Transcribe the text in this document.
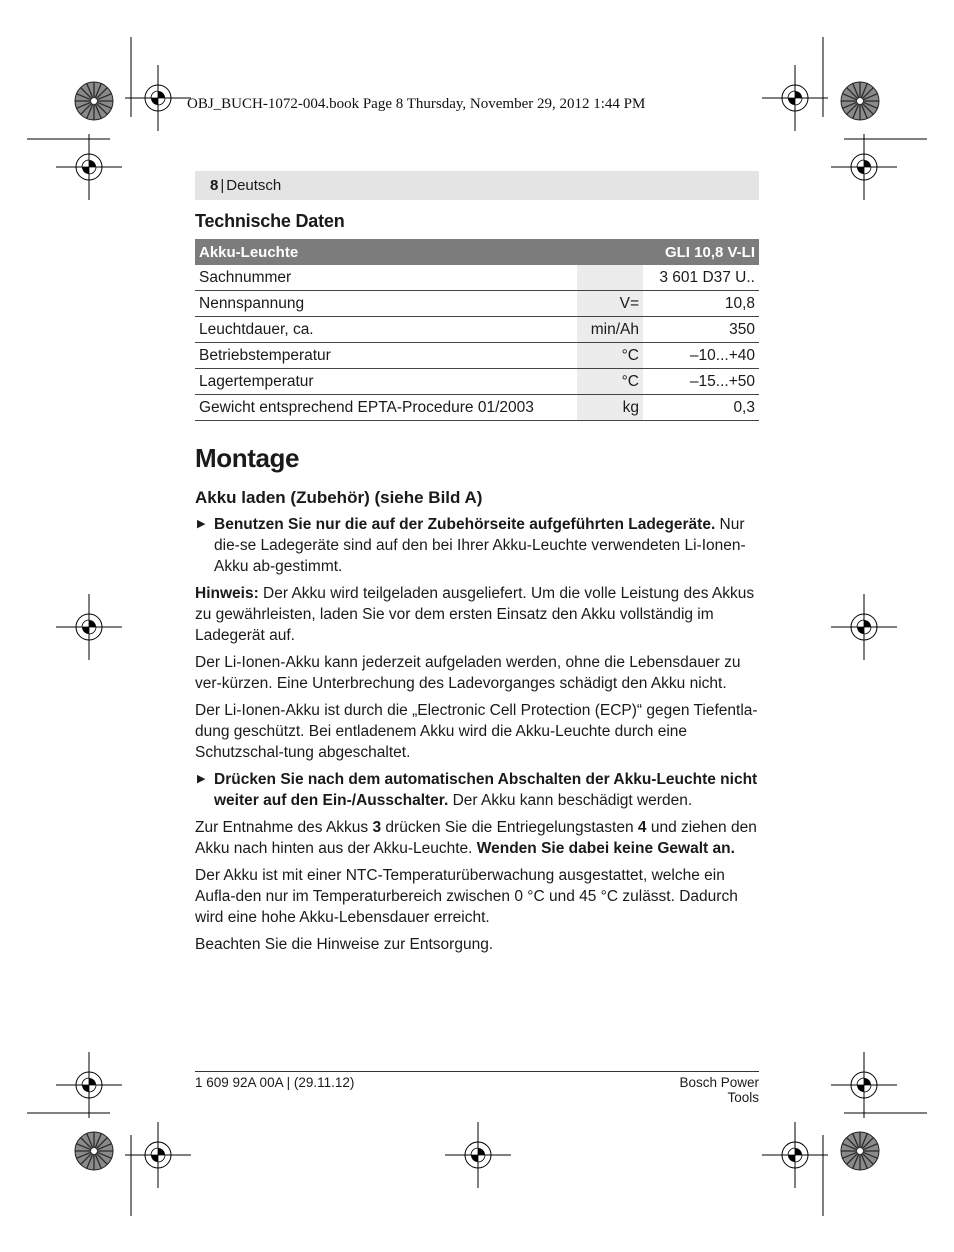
OBJ_BUCH-1072-004.book Page 8 Thursday, November 29, 2012 1:44 PM
8 | Deutsch
Technische Daten
Akku-Leuchte		GLI 10,8 V-LI
Sachnummer		3 601 D37 U..
Nennspannung	V=	10,8
Leuchtdauer, ca.	min/Ah	350
Betriebstemperatur	°C	–10...+40
Lagertemperatur	°C	–15...+50
Gewicht entsprechend EPTA-Procedure 01/2003	kg	0,3
Montage
Akku laden (Zubehör) (siehe Bild A)

▶ Benutzen Sie nur die auf der Zubehörseite aufgeführten Ladegeräte. Nur die-se Ladegeräte sind auf den bei Ihrer Akku-Leuchte verwendeten Li-Ionen-Akku ab-gestimmt.

Hinweis: Der Akku wird teilgeladen ausgeliefert. Um die volle Leistung des Akkus zu gewährleisten, laden Sie vor dem ersten Einsatz den Akku vollständig im Ladegerät auf.

Der Li-Ionen-Akku kann jederzeit aufgeladen werden, ohne die Lebensdauer zu ver-kürzen. Eine Unterbrechung des Ladevorganges schädigt den Akku nicht.

Der Li-Ionen-Akku ist durch die „Electronic Cell Protection (ECP)“ gegen Tiefentla-dung geschützt. Bei entladenem Akku wird die Akku-Leuchte durch eine Schutzschal-tung abgeschaltet.

▶ Drücken Sie nach dem automatischen Abschalten der Akku-Leuchte nicht weiter auf den Ein-/Ausschalter. Der Akku kann beschädigt werden.

Zur Entnahme des Akkus 3 drücken Sie die Entriegelungstasten 4 und ziehen den Akku nach hinten aus der Akku-Leuchte. Wenden Sie dabei keine Gewalt an.

Der Akku ist mit einer NTC-Temperaturüberwachung ausgestattet, welche ein Aufla-den nur im Temperaturbereich zwischen 0 °C und 45 °C zulässt. Dadurch wird eine hohe Akku-Lebensdauer erreicht.

Beachten Sie die Hinweise zur Entsorgung.

1 609 92A 00A | (29.11.12)	Bosch Power Tools
